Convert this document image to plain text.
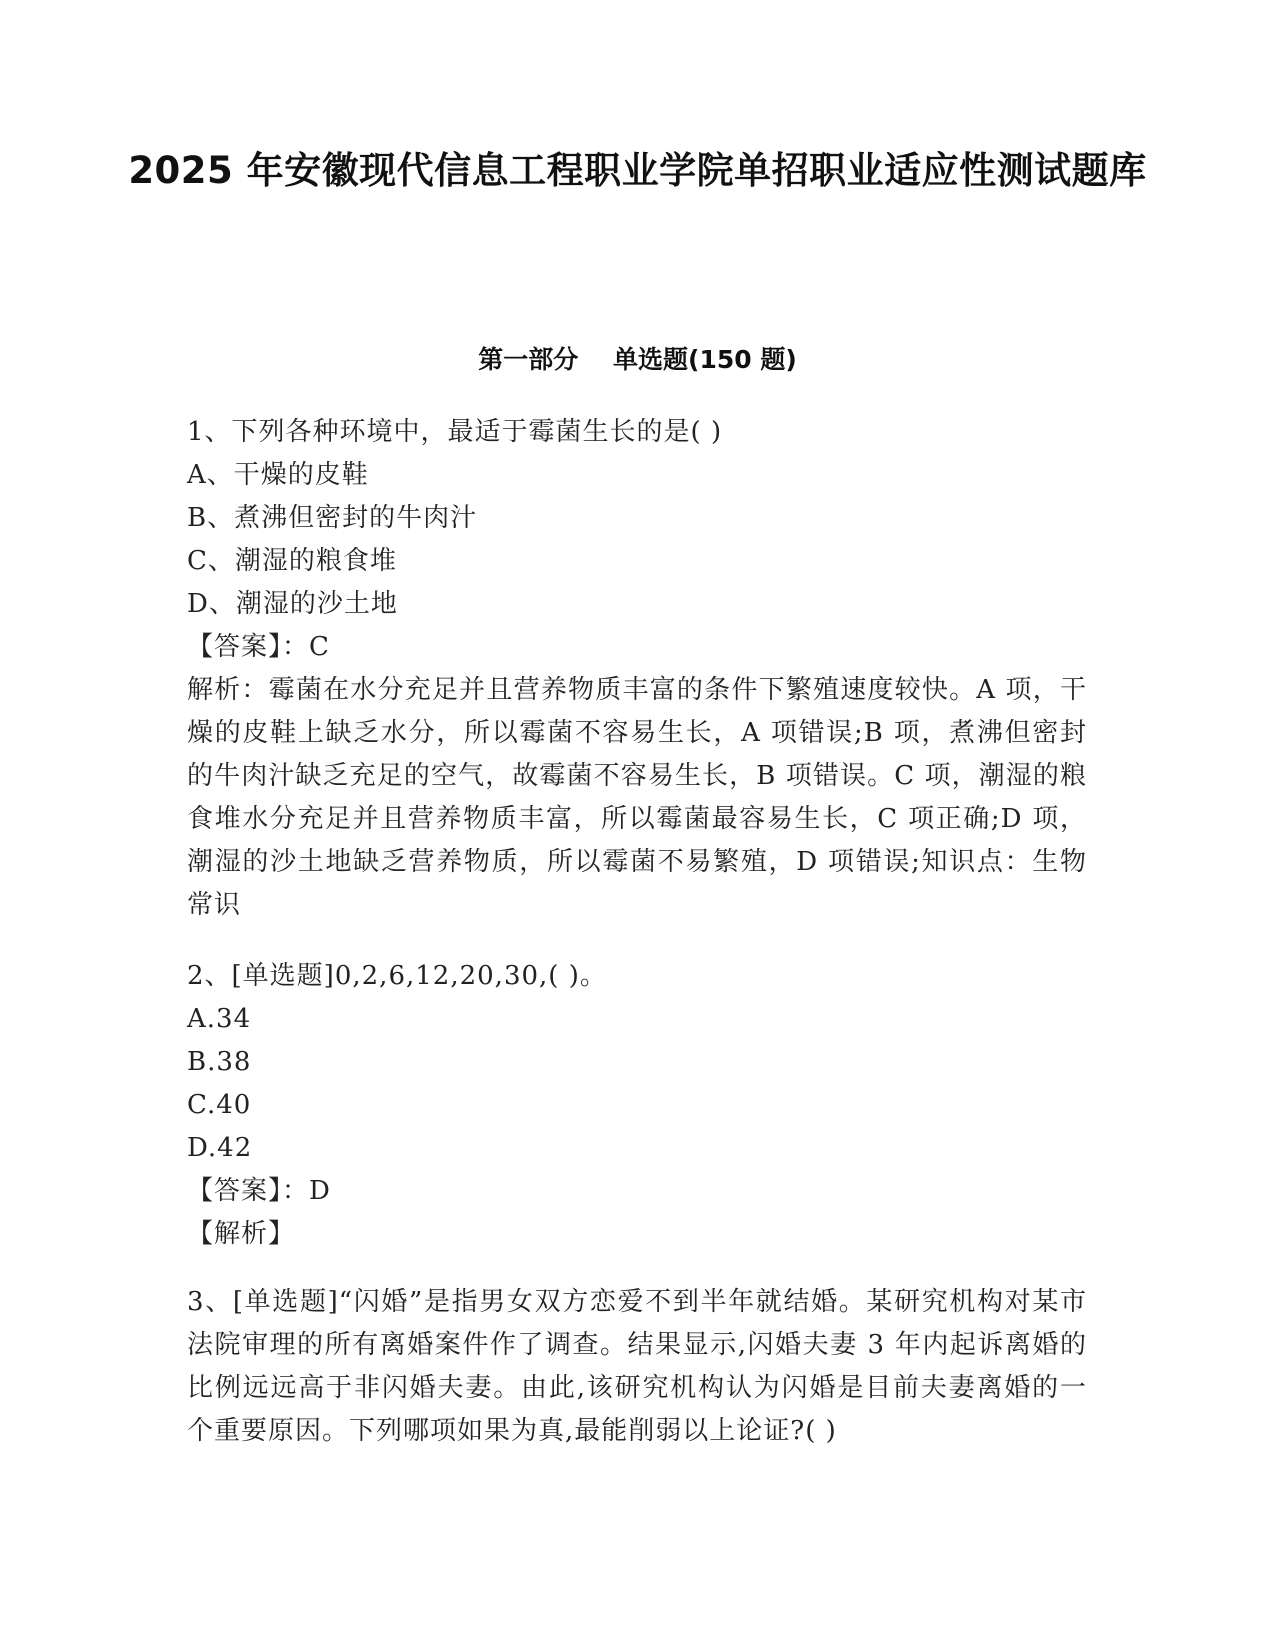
2025 年安徽现代信息工程职业学院单招职业适应性测试题库
第一部分    单选题(150 题)
1、下列各种环境中，最适于霉菌生长的是( )
A、干燥的皮鞋
B、煮沸但密封的牛肉汁
C、潮湿的粮食堆
D、潮湿的沙土地
【答案】：C
解析：霉菌在水分充足并且营养物质丰富的条件下繁殖速度较快。A 项，干燥的皮鞋上缺乏水分，所以霉菌不容易生长，A 项错误;B 项，煮沸但密封的牛肉汁缺乏充足的空气，故霉菌不容易生长，B 项错误。C 项，潮湿的粮食堆水分充足并且营养物质丰富，所以霉菌最容易生长，C 项正确;D 项，潮湿的沙土地缺乏营养物质，所以霉菌不易繁殖，D 项错误;知识点：生物常识
2、[单选题]0,2,6,12,20,30,( )。
A.34
B.38
C.40
D.42
【答案】：D
【解析】
3、[单选题]“闪婚”是指男女双方恋爱不到半年就结婚。某研究机构对某市法院审理的所有离婚案件作了调查。结果显示,闪婚夫妻 3 年内起诉离婚的比例远远高于非闪婚夫妻。由此,该研究机构认为闪婚是目前夫妻离婚的一个重要原因。下列哪项如果为真,最能削弱以上论证?( )
